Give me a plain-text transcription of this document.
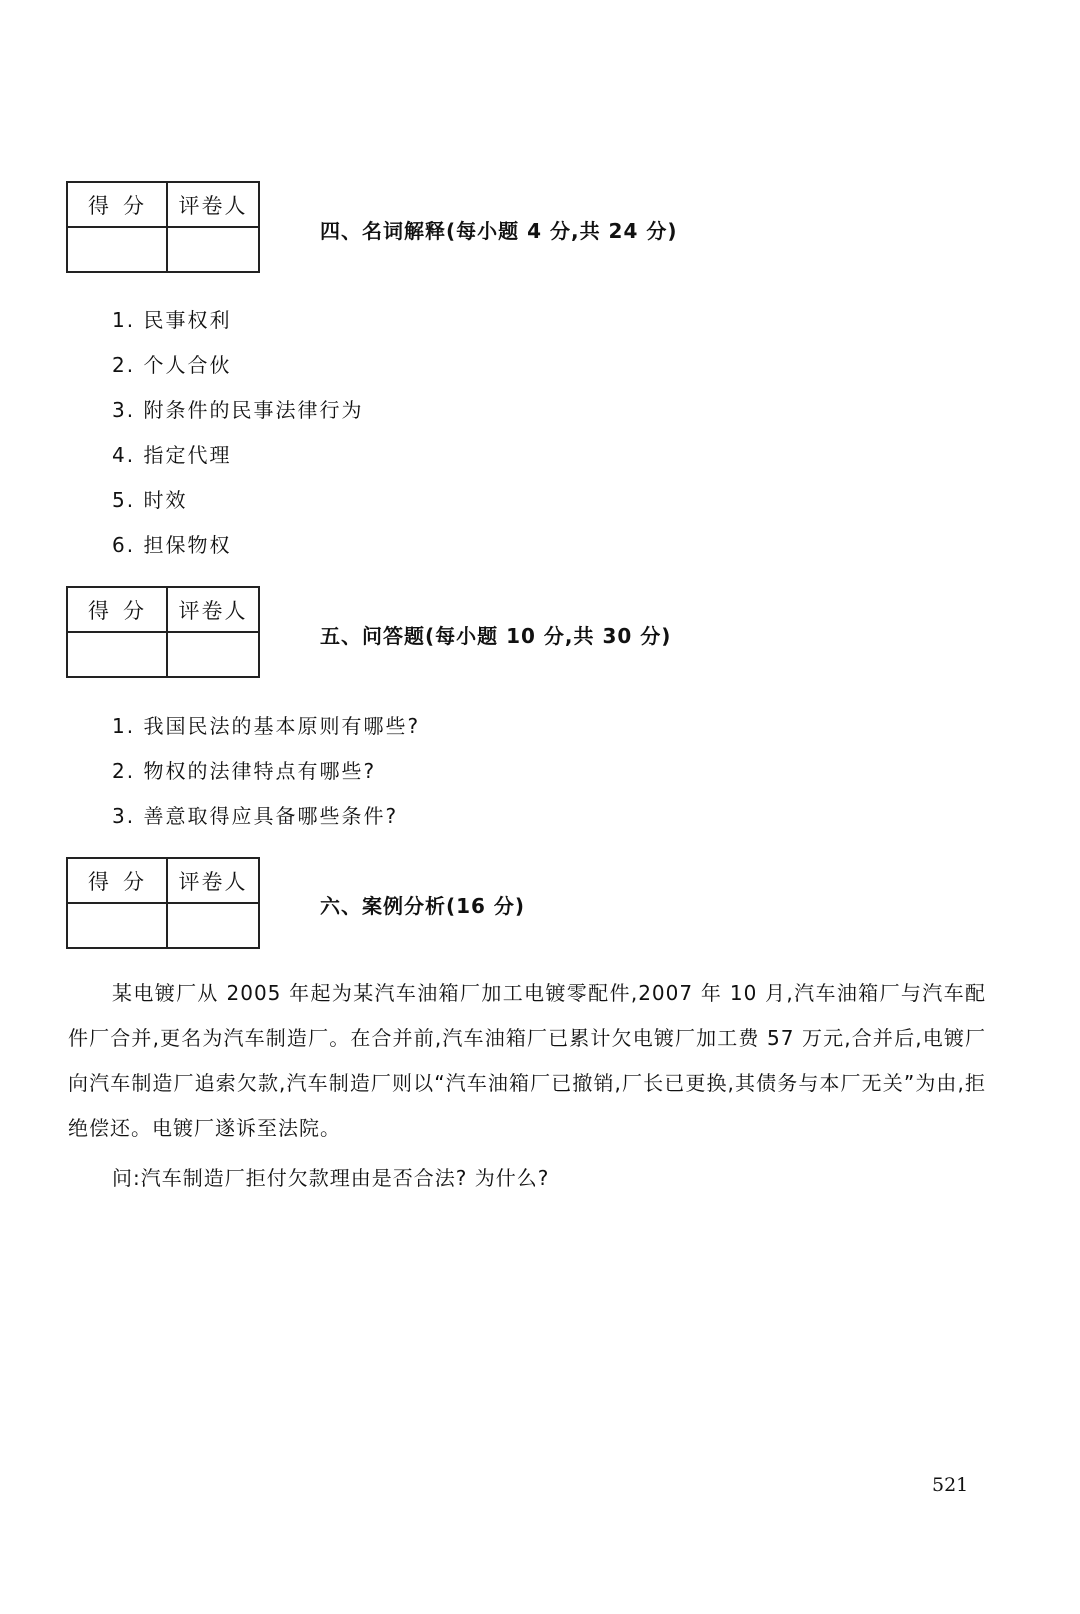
得分	评卷人

四、名词解释(每小题 4 分,共 24 分)
1. 民事权利
2. 个人合伙
3. 附条件的民事法律行为
4. 指定代理
5. 时效
6. 担保物权
得分	评卷人

五、问答题(每小题 10 分,共 30 分)
1. 我国民法的基本原则有哪些?
2. 物权的法律特点有哪些?
3. 善意取得应具备哪些条件?
得分	评卷人

六、案例分析(16 分)

某电镀厂从 2005 年起为某汽车油箱厂加工电镀零配件,2007 年 10 月,汽车油箱厂与汽车配件厂合并,更名为汽车制造厂。在合并前,汽车油箱厂已累计欠电镀厂加工费 57 万元,合并后,电镀厂向汽车制造厂追索欠款,汽车制造厂则以“汽车油箱厂已撤销,厂长已更换,其债务与本厂无关”为由,拒绝偿还。电镀厂遂诉至法院。

问:汽车制造厂拒付欠款理由是否合法? 为什么?
521
